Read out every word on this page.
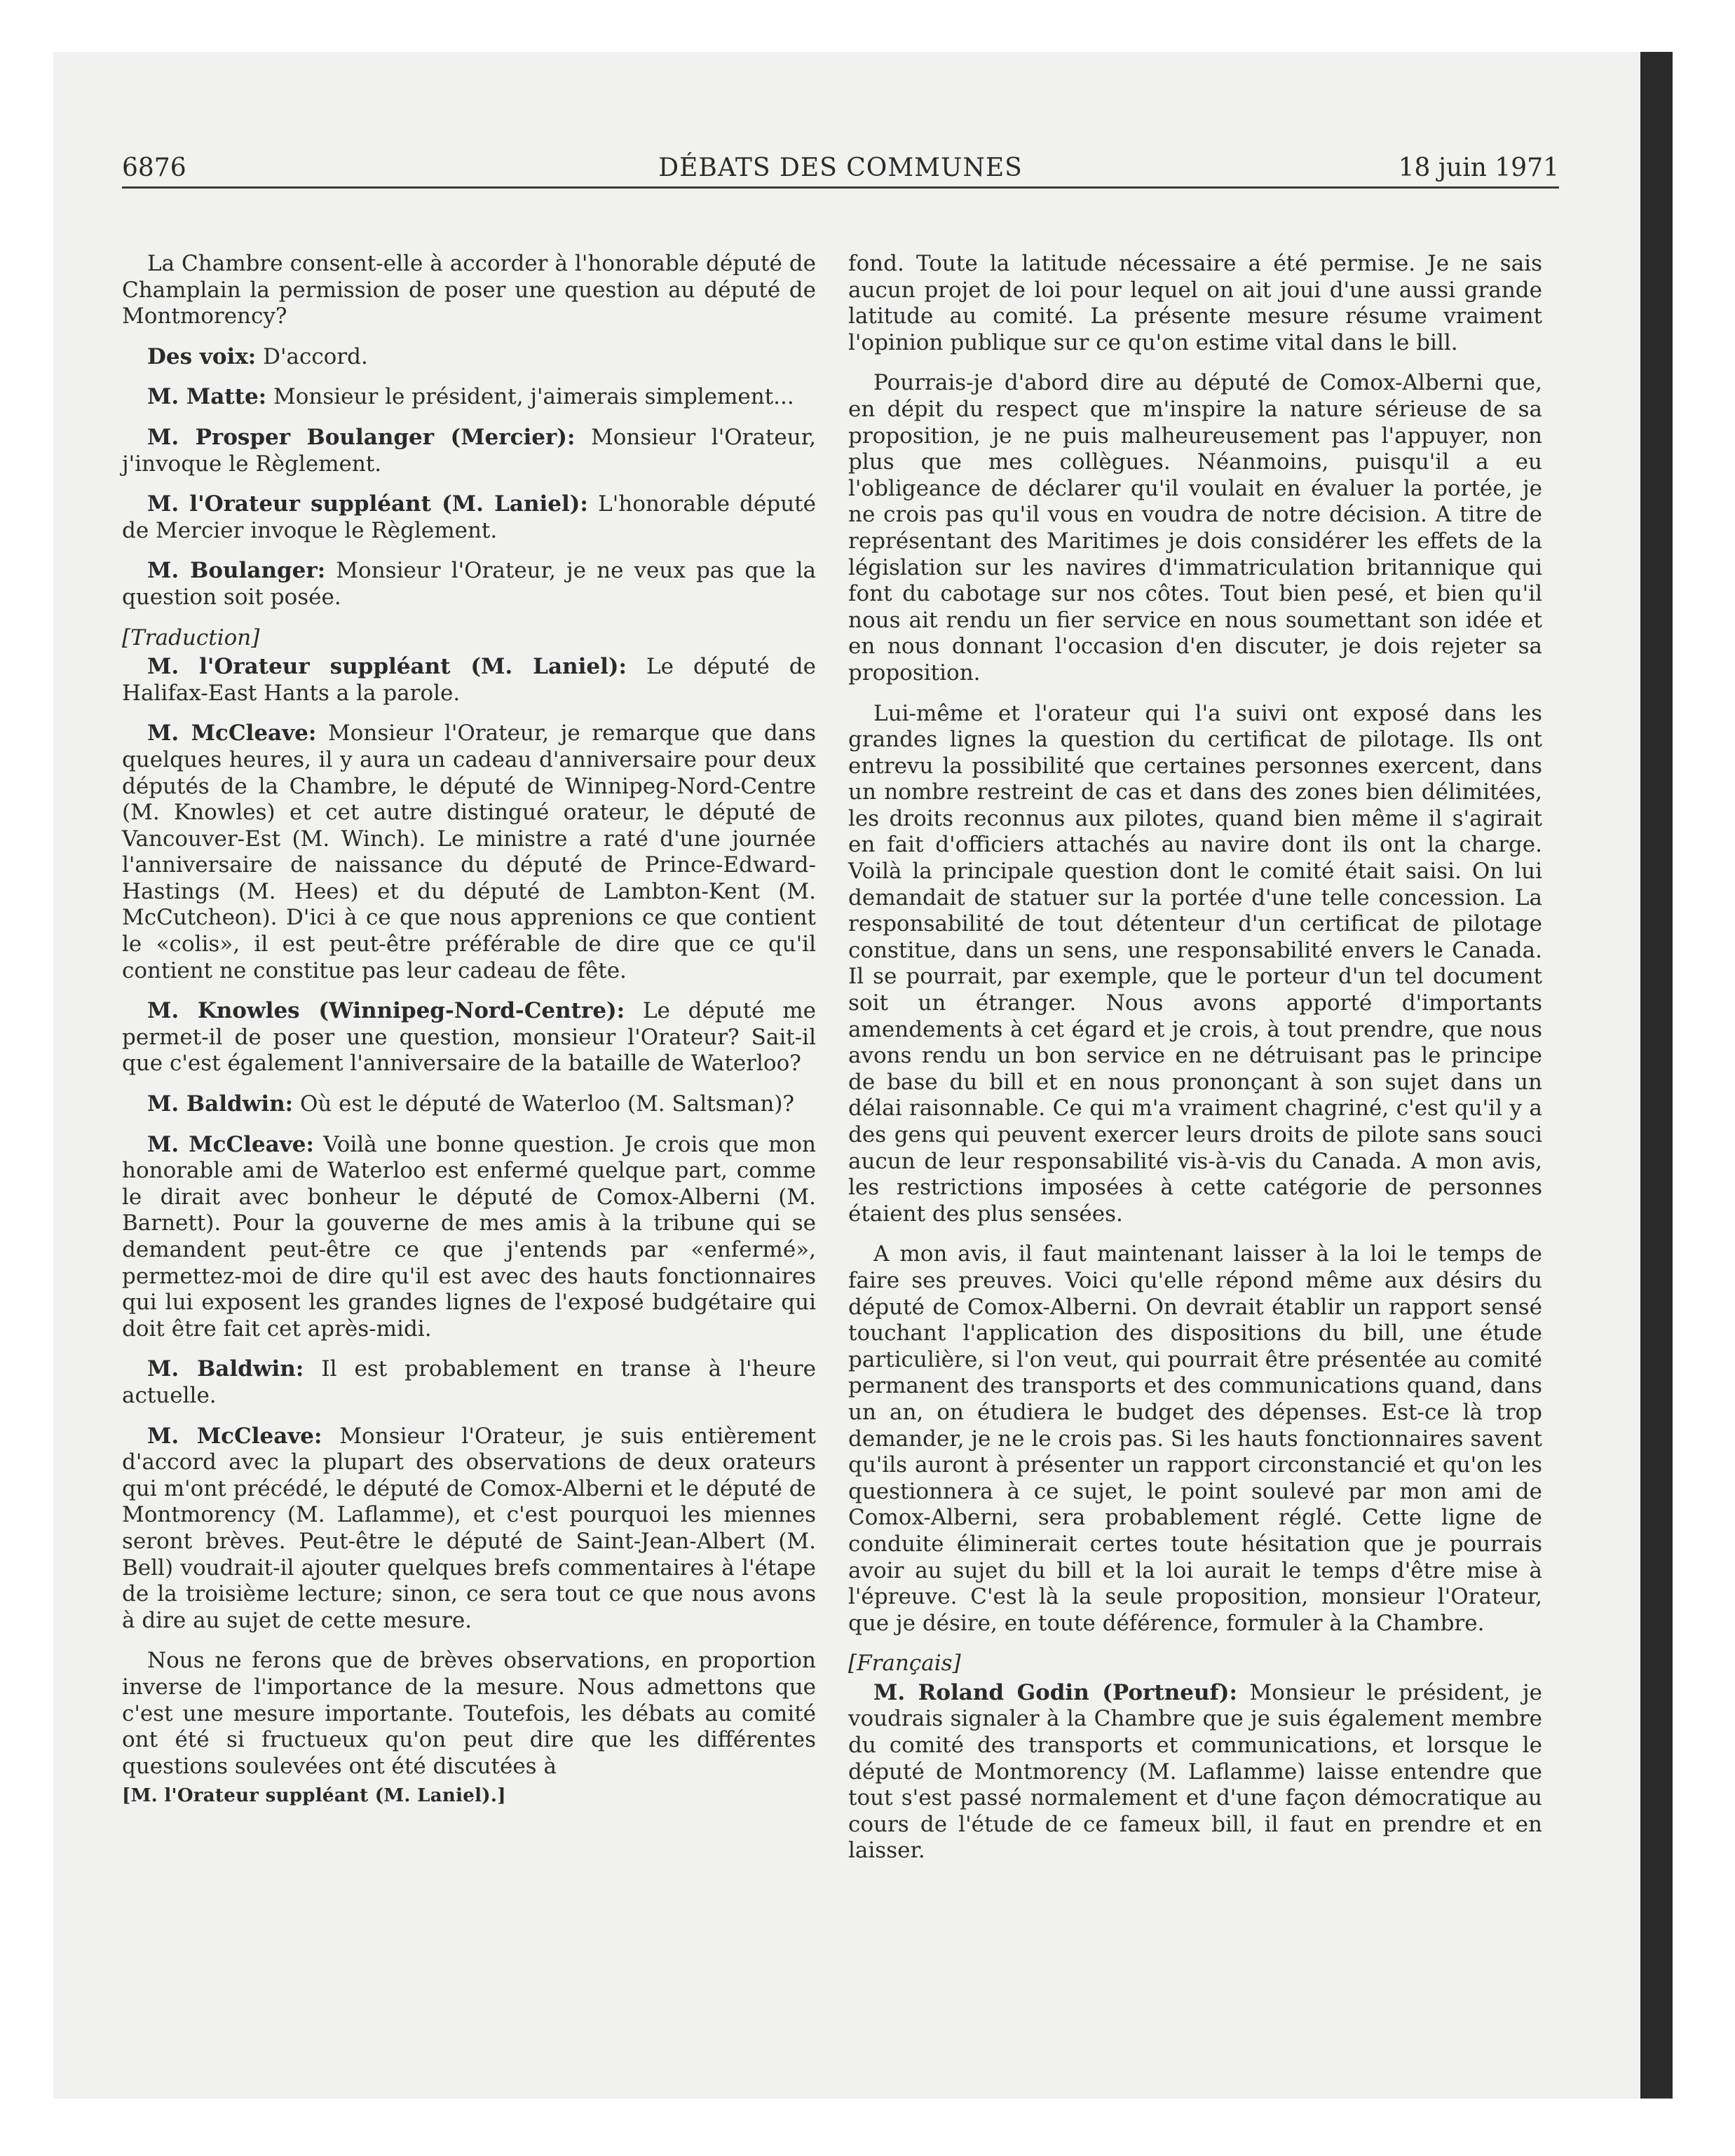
DÉBATS DES COMMUNES
6876	18 juin 1971

La Chambre consent-elle à accorder à l'honorable député de Champlain la permission de poser une question au député de Montmorency?

Des voix: D'accord.

M. Matte: Monsieur le président, j'aimerais simplement...

M. Prosper Boulanger (Mercier): Monsieur l'Orateur, j'invoque le Règlement.

M. l'Orateur suppléant (M. Laniel): L'honorable député de Mercier invoque le Règlement.

M. Boulanger: Monsieur l'Orateur, je ne veux pas que la question soit posée.

[Traduction]

M. l'Orateur suppléant (M. Laniel): Le député de Halifax-East Hants a la parole.

M. McCleave: Monsieur l'Orateur, je remarque que dans quelques heures, il y aura un cadeau d'anniversaire pour deux députés de la Chambre, le député de Winnipeg-Nord-Centre (M. Knowles) et cet autre distingué orateur, le député de Vancouver-Est (M. Winch). Le ministre a raté d'une journée l'anniversaire de naissance du député de Prince-Edward-Hastings (M. Hees) et du député de Lambton-Kent (M. McCutcheon). D'ici à ce que nous apprenions ce que contient le «colis», il est peut-être préférable de dire que ce qu'il contient ne constitue pas leur cadeau de fête.

M. Knowles (Winnipeg-Nord-Centre): Le député me permet-il de poser une question, monsieur l'Orateur? Sait-il que c'est également l'anniversaire de la bataille de Waterloo?

M. Baldwin: Où est le député de Waterloo (M. Saltsman)?

M. McCleave: Voilà une bonne question. Je crois que mon honorable ami de Waterloo est enfermé quelque part, comme le dirait avec bonheur le député de Comox-Alberni (M. Barnett). Pour la gouverne de mes amis à la tribune qui se demandent peut-être ce que j'entends par «enfermé», permettez-moi de dire qu'il est avec des hauts fonctionnaires qui lui exposent les grandes lignes de l'exposé budgétaire qui doit être fait cet après-midi.

M. Baldwin: Il est probablement en transe à l'heure actuelle.

M. McCleave: Monsieur l'Orateur, je suis entièrement d'accord avec la plupart des observations de deux orateurs qui m'ont précédé, le député de Comox-Alberni et le député de Montmorency (M. Laflamme), et c'est pourquoi les miennes seront brèves. Peut-être le député de Saint-Jean-Albert (M. Bell) voudrait-il ajouter quelques brefs commentaires à l'étape de la troisième lecture; sinon, ce sera tout ce que nous avons à dire au sujet de cette mesure.

Nous ne ferons que de brèves observations, en proportion inverse de l'importance de la mesure. Nous admettons que c'est une mesure importante. Toutefois, les débats au comité ont été si fructueux qu'on peut dire que les différentes questions soulevées ont été discutées à

[M. l'Orateur suppléant (M. Laniel).]

fond. Toute la latitude nécessaire a été permise. Je ne sais aucun projet de loi pour lequel on ait joui d'une aussi grande latitude au comité. La présente mesure résume vraiment l'opinion publique sur ce qu'on estime vital dans le bill.

Pourrais-je d'abord dire au député de Comox-Alberni que, en dépit du respect que m'inspire la nature sérieuse de sa proposition, je ne puis malheureusement pas l'appuyer, non plus que mes collègues. Néanmoins, puisqu'il a eu l'obligeance de déclarer qu'il voulait en évaluer la portée, je ne crois pas qu'il vous en voudra de notre décision. A titre de représentant des Maritimes je dois considérer les effets de la législation sur les navires d'immatriculation britannique qui font du cabotage sur nos côtes. Tout bien pesé, et bien qu'il nous ait rendu un fier service en nous soumettant son idée et en nous donnant l'occasion d'en discuter, je dois rejeter sa proposition.

Lui-même et l'orateur qui l'a suivi ont exposé dans les grandes lignes la question du certificat de pilotage. Ils ont entrevu la possibilité que certaines personnes exercent, dans un nombre restreint de cas et dans des zones bien délimitées, les droits reconnus aux pilotes, quand bien même il s'agirait en fait d'officiers attachés au navire dont ils ont la charge. Voilà la principale question dont le comité était saisi. On lui demandait de statuer sur la portée d'une telle concession. La responsabilité de tout détenteur d'un certificat de pilotage constitue, dans un sens, une responsabilité envers le Canada. Il se pourrait, par exemple, que le porteur d'un tel document soit un étranger. Nous avons apporté d'importants amendements à cet égard et je crois, à tout prendre, que nous avons rendu un bon service en ne détruisant pas le principe de base du bill et en nous prononçant à son sujet dans un délai raisonnable. Ce qui m'a vraiment chagriné, c'est qu'il y a des gens qui peuvent exercer leurs droits de pilote sans souci aucun de leur responsabilité vis-à-vis du Canada. A mon avis, les restrictions imposées à cette catégorie de personnes étaient des plus sensées.

A mon avis, il faut maintenant laisser à la loi le temps de faire ses preuves. Voici qu'elle répond même aux désirs du député de Comox-Alberni. On devrait établir un rapport sensé touchant l'application des dispositions du bill, une étude particulière, si l'on veut, qui pourrait être présentée au comité permanent des transports et des communications quand, dans un an, on étudiera le budget des dépenses. Est-ce là trop demander, je ne le crois pas. Si les hauts fonctionnaires savent qu'ils auront à présenter un rapport circonstancié et qu'on les questionnera à ce sujet, le point soulevé par mon ami de Comox-Alberni, sera probablement réglé. Cette ligne de conduite éliminerait certes toute hésitation que je pourrais avoir au sujet du bill et la loi aurait le temps d'être mise à l'épreuve. C'est là la seule proposition, monsieur l'Orateur, que je désire, en toute déférence, formuler à la Chambre.

[Français]

M. Roland Godin (Portneuf): Monsieur le président, je voudrais signaler à la Chambre que je suis également membre du comité des transports et communications, et lorsque le député de Montmorency (M. Laflamme) laisse entendre que tout s'est passé normalement et d'une façon démocratique au cours de l'étude de ce fameux bill, il faut en prendre et en laisser.
